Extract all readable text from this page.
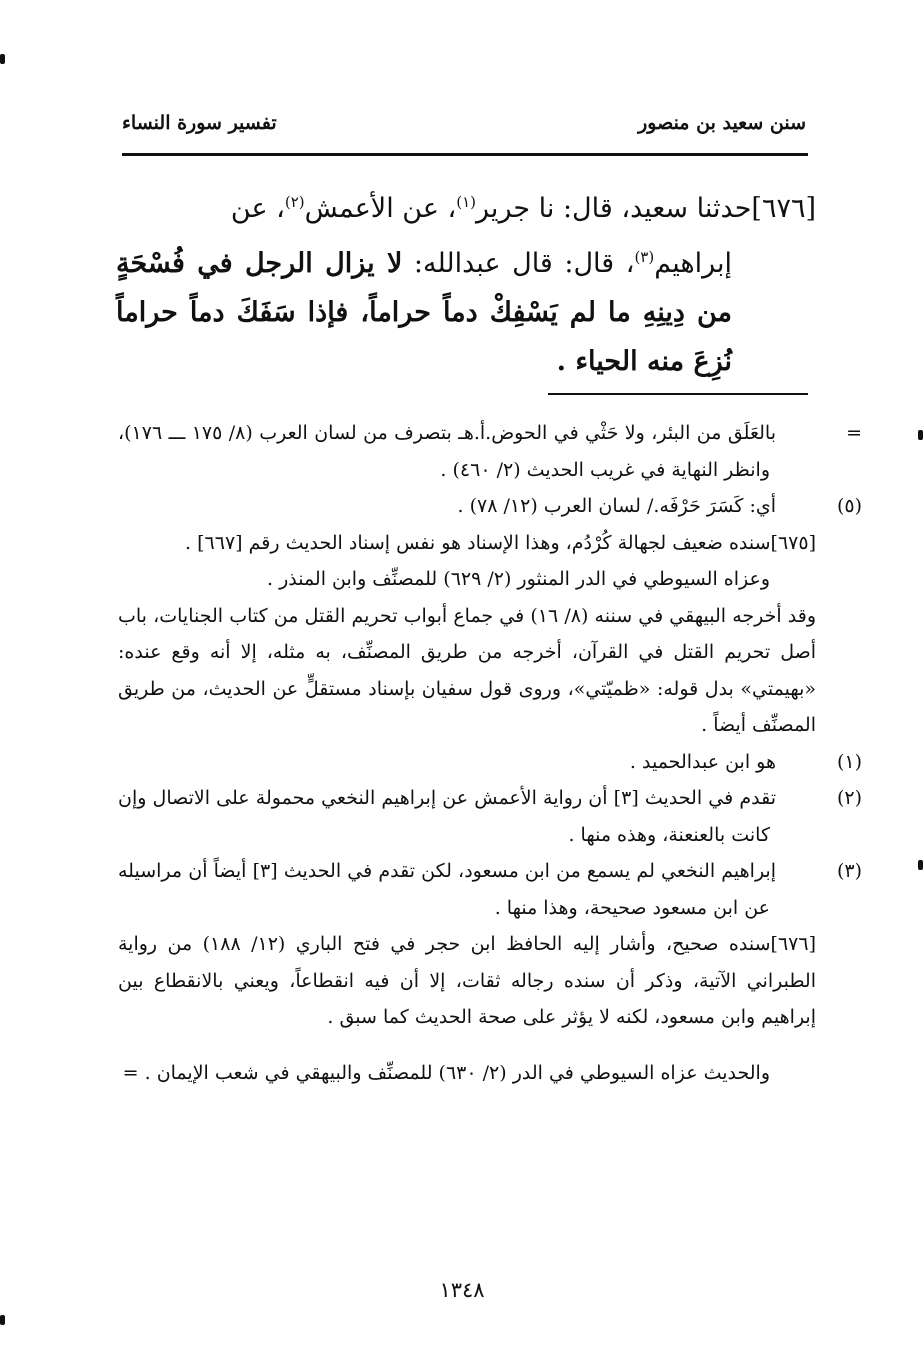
سنن سعيد بن منصور
تفسير سورة النساء
[٦٧٦]حدثنا سعيد، قال: نا جرير$^{(١)}$، عن الأعمش$^{(٢)}$، عن
إبراهيم$^{(٣)}$، قال: قال عبدالله: لا يزال الرجل في فُسْحَةٍ من دِينِهِ ما لم يَسْفِكْ دماً حراماً، فإذا سَفَكَ دماً حراماً نُزِعَ منه الحياء .

=بالعَلَق من البئر، ولا حَثْي في الحوض.أ.هـ بتصرف من لسان العرب (٨/ ١٧٥ ـــ ١٧٦)، وانظر النهاية في غريب الحديث (٢/ ٤٦٠) .

(٥)أي: كَسَرَ حَرْفَه./ لسان العرب (١٢/ ٧٨) .

[٦٧٥]سنده ضعيف لجهالة كُرْدُم، وهذا الإسناد هو نفس إسناد الحديث رقم [٦٦٧] .

وعزاه السيوطي في الدر المنثور (٢/ ٦٢٩) للمصنِّف وابن المنذر .

وقد أخرجه البيهقي في سننه (٨/ ١٦) في جماع أبواب تحريم القتل من كتاب الجنايات، باب أصل تحريم القتل في القرآن، أخرجه من طريق المصنِّف، به مثله، إلا أنه وقع عنده: «بهيمتي» بدل قوله: «ظميّتي»، وروى قول سفيان بإسناد مستقلٍّ عن الحديث، من طريق المصنِّف أيضاً .

(١)هو ابن عبدالحميد .

(٢)تقدم في الحديث [٣] أن رواية الأعمش عن إبراهيم النخعي محمولة على الاتصال وإن كانت بالعنعنة، وهذه منها .

(٣)إبراهيم النخعي لم يسمع من ابن مسعود، لكن تقدم في الحديث [٣] أيضاً أن مراسيله عن ابن مسعود صحيحة، وهذا منها .

[٦٧٦]سنده صحيح، وأشار إليه الحافظ ابن حجر في فتح الباري (١٢/ ١٨٨) من رواية الطبراني الآتية، وذكر أن سنده رجاله ثقات، إلا أن فيه انقطاعاً، ويعني بالانقطاع بين إبراهيم وابن مسعود، لكنه لا يؤثر على صحة الحديث كما سبق .

والحديث عزاه السيوطي في الدر (٢/ ٦٣٠) للمصنِّف والبيهقي في شعب الإيمان . =

١٣٤٨
